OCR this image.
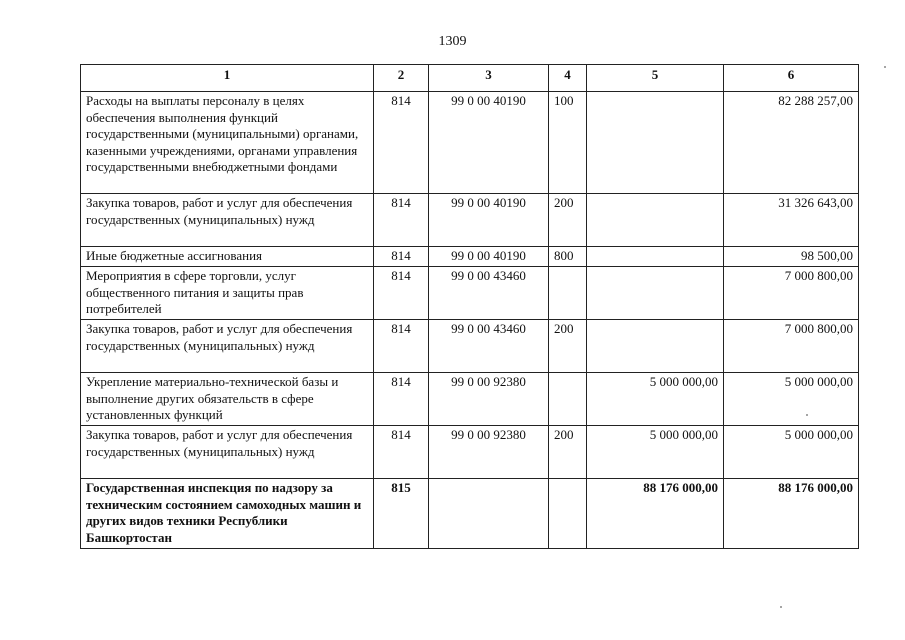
1309
1	2	3	4	5	6
Расходы на выплаты персоналу в целях обеспечения выполнения функций государственными (муниципальными) органами, казенными учреждениями, органами управления государственными внебюджетными фондами	814	99 0 00 40190	100		82 288 257,00
Закупка товаров, работ и услуг для обеспечения государственных (муниципальных) нужд	814	99 0 00 40190	200		31 326 643,00
Иные бюджетные ассигнования	814	99 0 00 40190	800		98 500,00
Мероприятия в сфере торговли, услуг общественного питания и защиты прав потребителей	814	99 0 00 43460			7 000 800,00
Закупка товаров, работ и услуг для обеспечения государственных (муниципальных) нужд	814	99 0 00 43460	200		7 000 800,00
Укрепление материально-технической базы и выполнение других обязательств в сфере установленных функций	814	99 0 00 92380		5 000 000,00	5 000 000,00
Закупка товаров, работ и услуг для обеспечения государственных (муниципальных) нужд	814	99 0 00 92380	200	5 000 000,00	5 000 000,00
Государственная инспекция по надзору за техническим состоянием самоходных машин и других видов техники Республики Башкортостан	815			88 176 000,00	88 176 000,00
